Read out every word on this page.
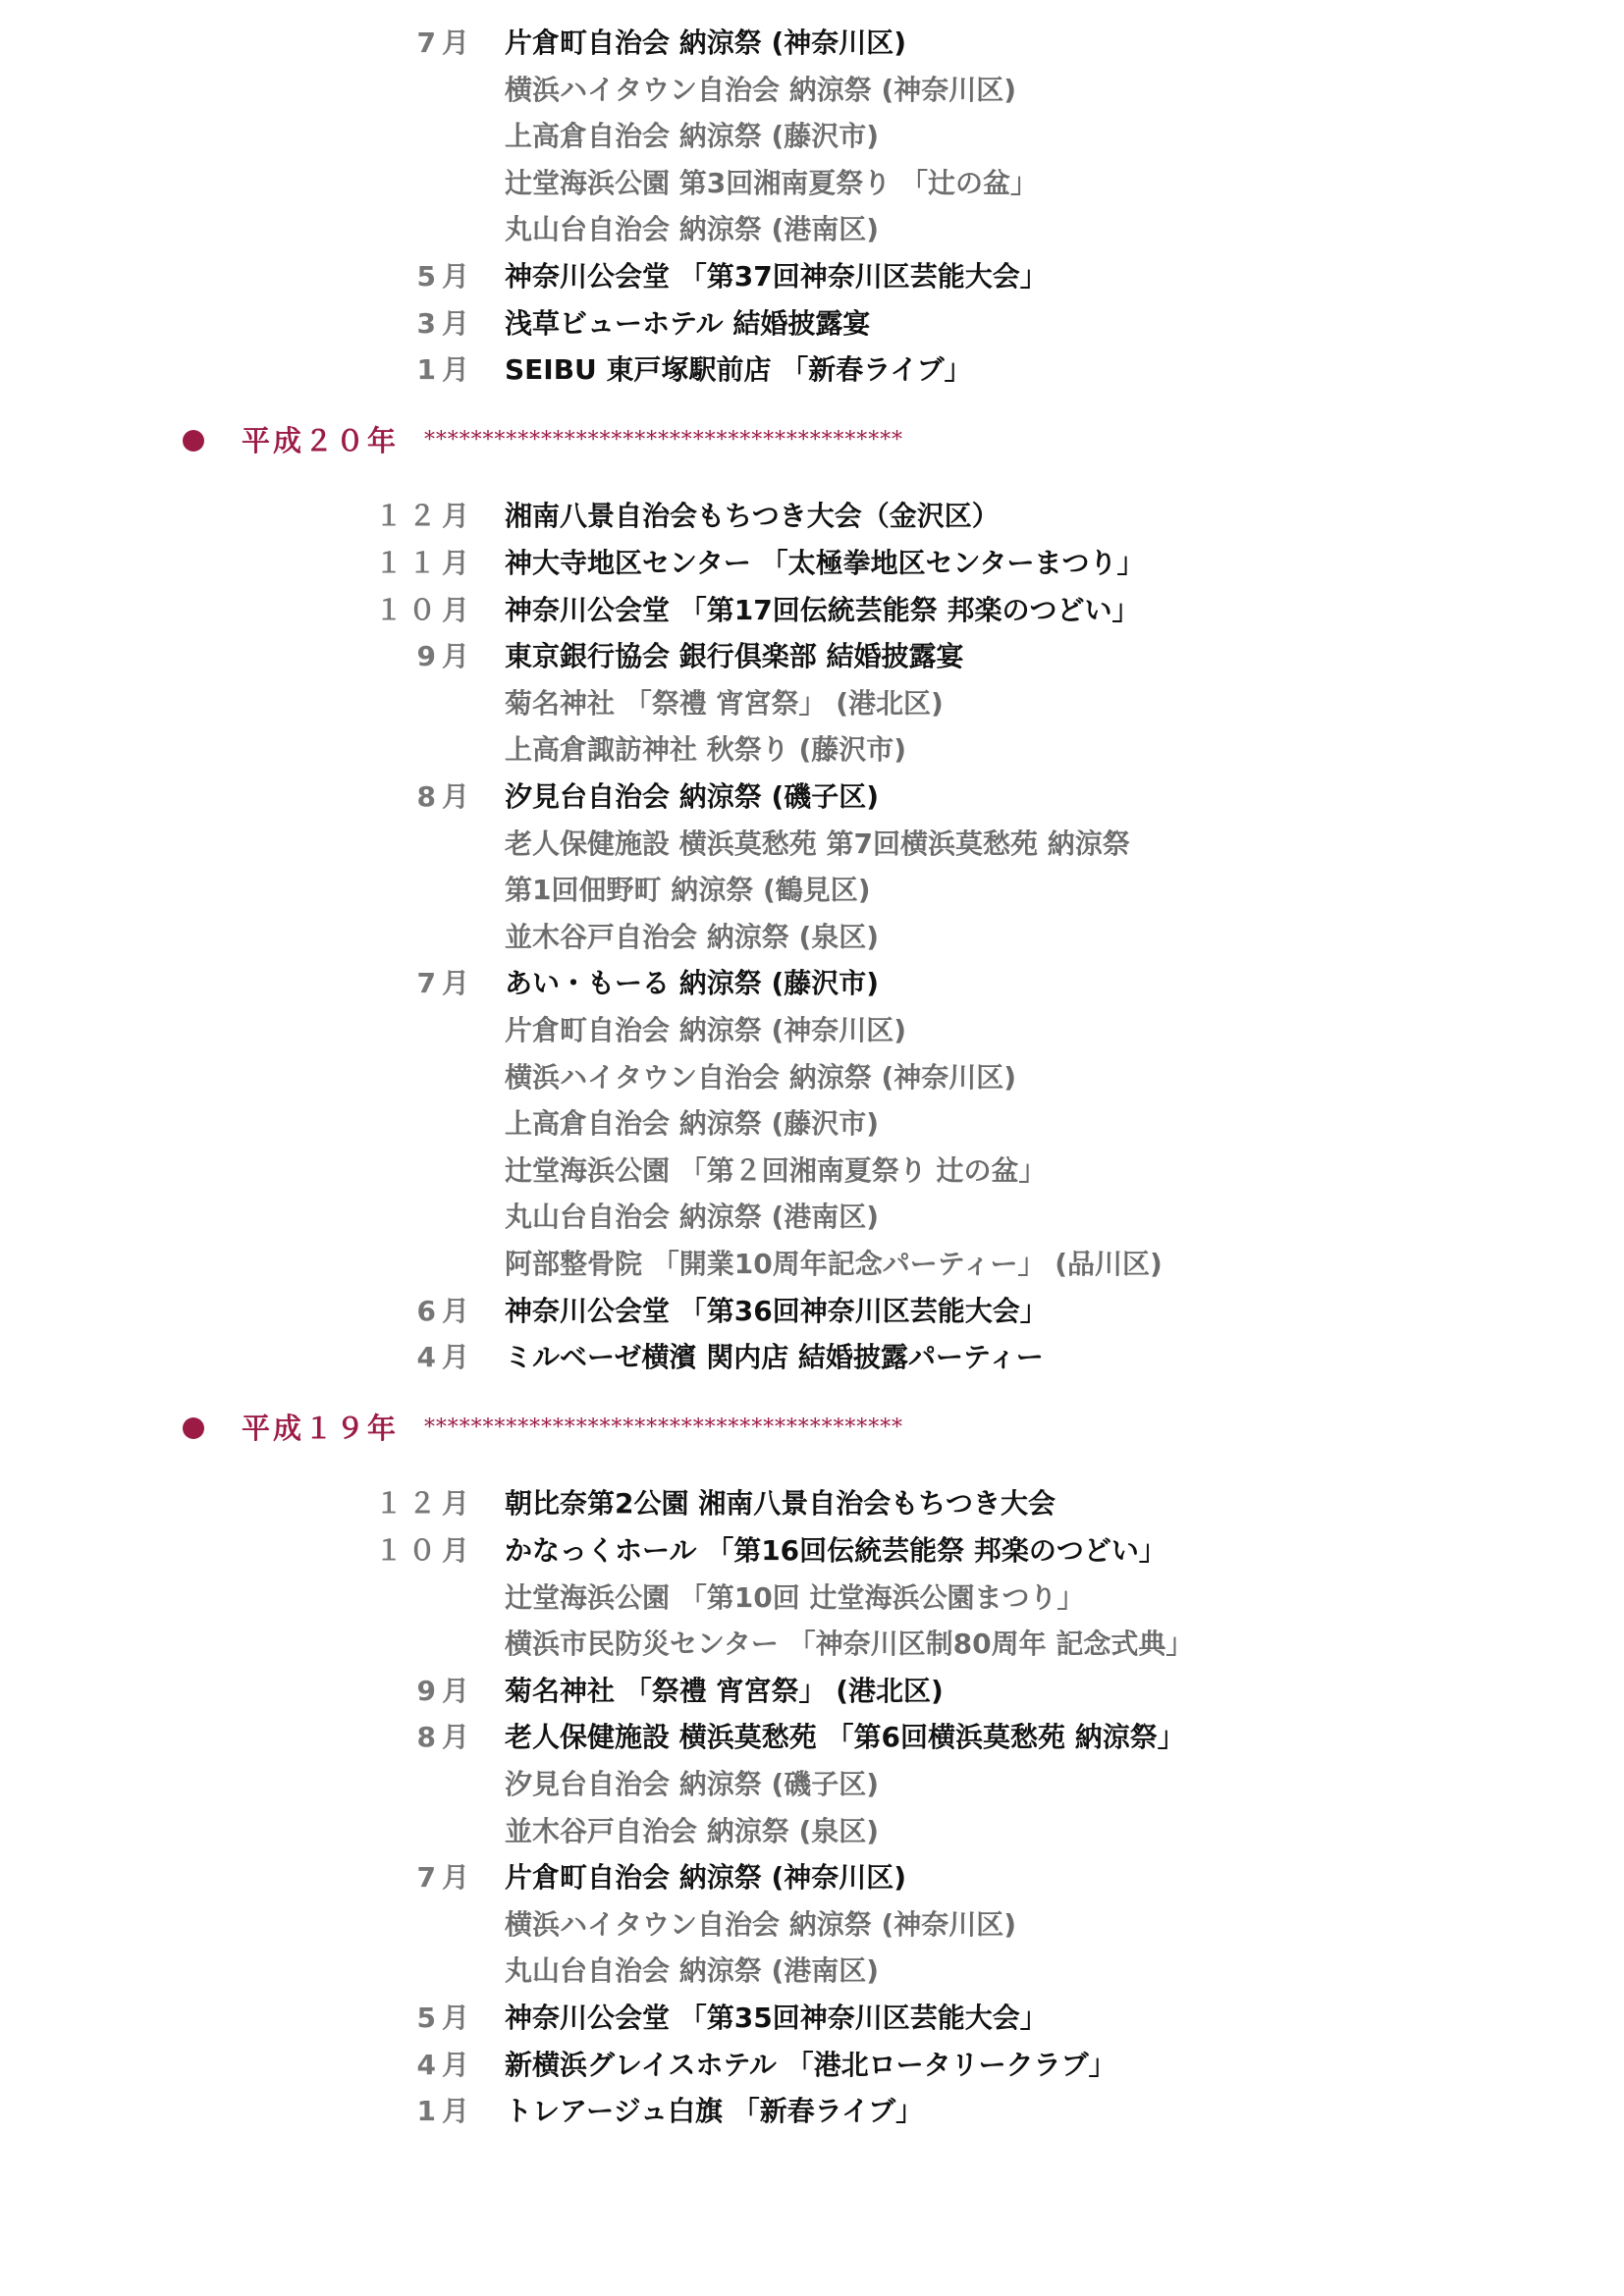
7月 片倉町自治会 納涼祭 (神奈川区)
横浜ハイタウン自治会 納涼祭 (神奈川区)
上高倉自治会 納涼祭 (藤沢市)
辻堂海浜公園 第3回湘南夏祭り 「辻の盆」
丸山台自治会 納涼祭 (港南区)
5月 神奈川公会堂 「第37回神奈川区芸能大会」
3月 浅草ビューホテル 結婚披露宴
1月 SEIBU 東戸塚駅前店 「新春ライブ」
平成２０年 *****************************************
１２月 湘南八景自治会もちつき大会（金沢区）
１１月 神大寺地区センター 「太極拳地区センターまつり」
１０月 神奈川公会堂 「第17回伝統芸能祭 邦楽のつどい」
9月 東京銀行協会 銀行倶楽部 結婚披露宴
菊名神社 「祭禮 宵宮祭」 (港北区)
上高倉諏訪神社 秋祭り (藤沢市)
8月 汐見台自治会 納涼祭 (磯子区)
老人保健施設 横浜莫愁苑 第7回横浜莫愁苑 納涼祭
第1回佃野町 納涼祭 (鶴見区)
並木谷戸自治会 納涼祭 (泉区)
7月 あい・もーる 納涼祭 (藤沢市)
片倉町自治会 納涼祭 (神奈川区)
横浜ハイタウン自治会 納涼祭 (神奈川区)
上高倉自治会 納涼祭 (藤沢市)
辻堂海浜公園 「第２回湘南夏祭り 辻の盆」
丸山台自治会 納涼祭 (港南区)
阿部整骨院 「開業10周年記念パーティー」 (品川区)
6月 神奈川公会堂 「第36回神奈川区芸能大会」
4月 ミルベーゼ横濱 関内店 結婚披露パーティー
平成１９年 *****************************************
１２月 朝比奈第2公園 湘南八景自治会もちつき大会
１０月 かなっくホール 「第16回伝統芸能祭 邦楽のつどい」
辻堂海浜公園 「第10回 辻堂海浜公園まつり」
横浜市民防災センター 「神奈川区制80周年 記念式典」
9月 菊名神社 「祭禮 宵宮祭」 (港北区)
8月 老人保健施設 横浜莫愁苑 「第6回横浜莫愁苑 納涼祭」
汐見台自治会 納涼祭 (磯子区)
並木谷戸自治会 納涼祭 (泉区)
7月 片倉町自治会 納涼祭 (神奈川区)
横浜ハイタウン自治会 納涼祭 (神奈川区)
丸山台自治会 納涼祭 (港南区)
5月 神奈川公会堂 「第35回神奈川区芸能大会」
4月 新横浜グレイスホテル 「港北ロータリークラブ」
1月 トレアージュ白旗 「新春ライブ」
